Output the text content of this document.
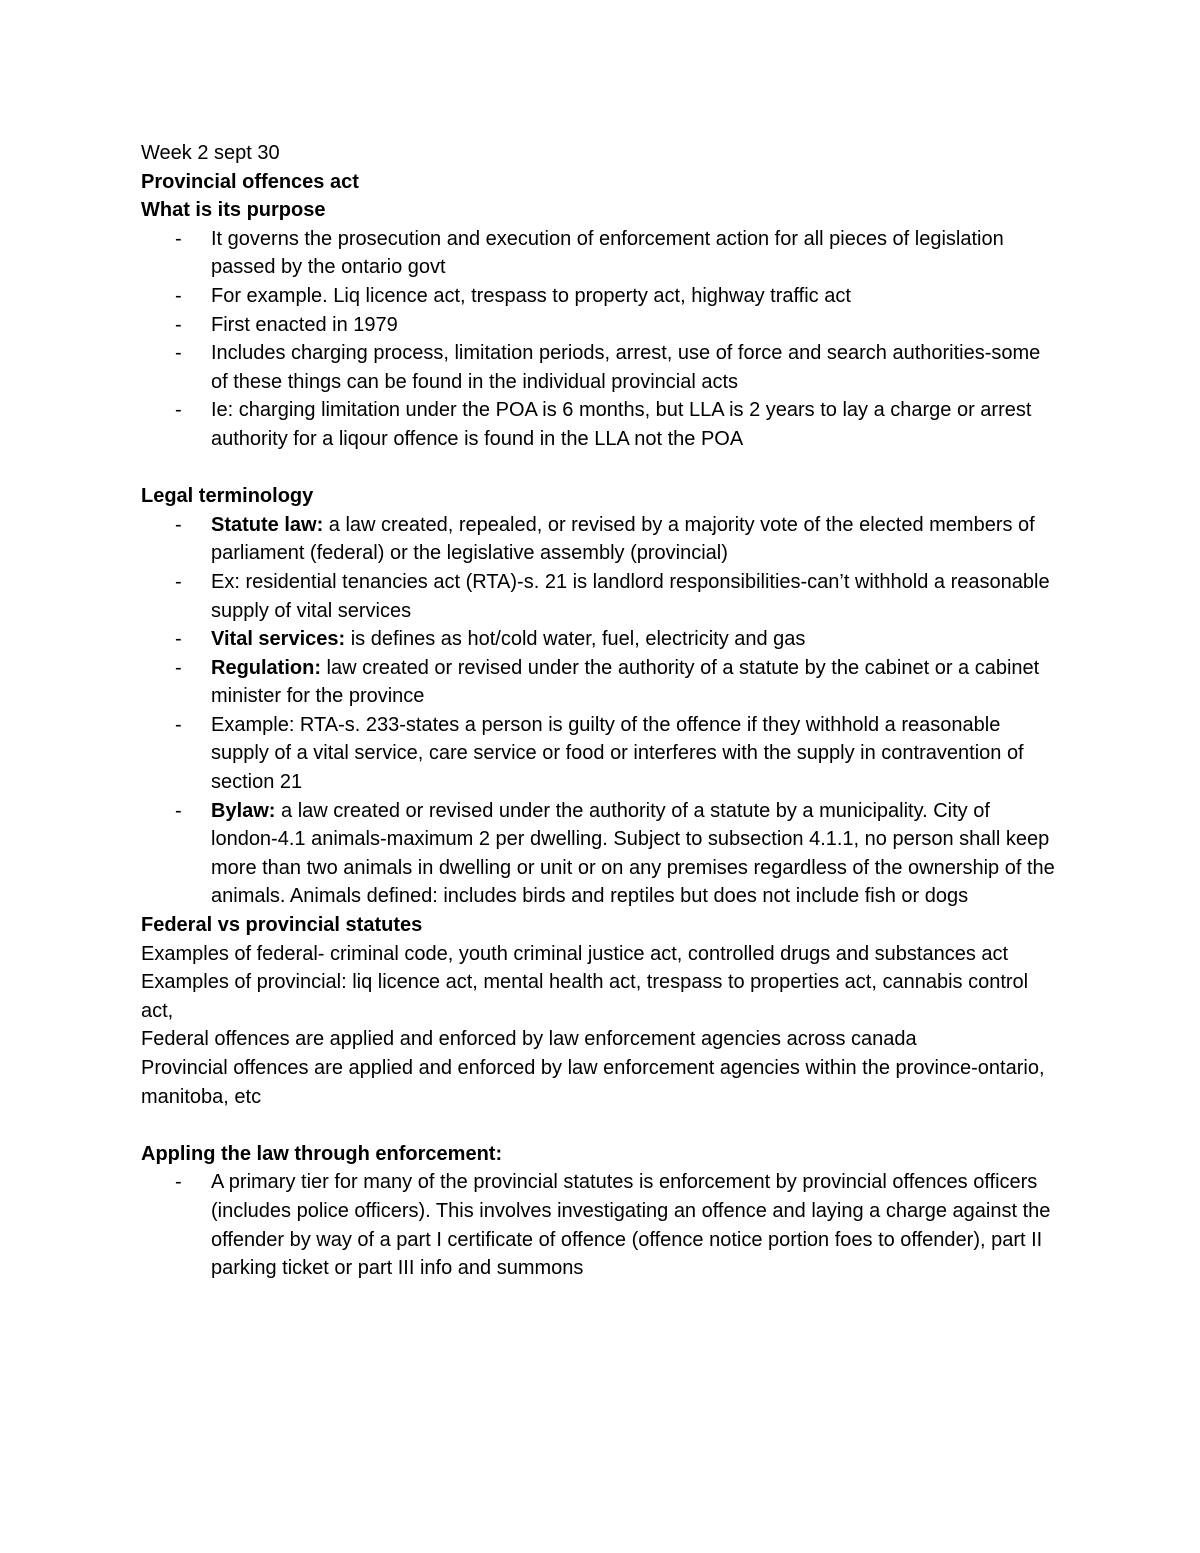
Week 2 sept 30

Provincial offences act

What is its purpose

- It governs the prosecution and execution of enforcement action for all pieces of legislation passed by the ontario govt
- For example. Liq licence act, trespass to property act, highway traffic act
- First enacted in 1979
- Includes charging process, limitation periods, arrest, use of force and search authorities-some of these things can be found in the individual provincial acts
- Ie: charging limitation under the POA is 6 months, but LLA is 2 years to lay a charge or arrest authority for a liqour offence is found in the LLA not the POA

Legal terminology

- Statute law: a law created, repealed, or revised by a majority vote of the elected members of parliament (federal) or the legislative assembly (provincial)
- Ex: residential tenancies act (RTA)-s. 21 is landlord responsibilities-can’t withhold a reasonable supply of vital services
- Vital services: is defines as hot/cold water, fuel, electricity and gas
- Regulation: law created or revised under the authority of a statute by the cabinet or a cabinet minister for the province
- Example: RTA-s. 233-states a person is guilty of the offence if they withhold a reasonable supply of a vital service, care service or food or interferes with the supply in contravention of section 21
- Bylaw: a law created or revised under the authority of a statute by a municipality. City of london-4.1 animals-maximum 2 per dwelling. Subject to subsection 4.1.1, no person shall keep more than two animals in dwelling or unit or on any premises regardless of the ownership of the animals. Animals defined: includes birds and reptiles but does not include fish or dogs

Federal vs provincial statutes

Examples of federal- criminal code, youth criminal justice act, controlled drugs and substances act

Examples of provincial: liq licence act, mental health act, trespass to properties act, cannabis control act,

Federal offences are applied and enforced by law enforcement agencies across canada

Provincial offences are applied and enforced by law enforcement agencies within the province-ontario, manitoba, etc

Appling the law through enforcement:

- A primary tier for many of the provincial statutes is enforcement by provincial offences officers (includes police officers). This involves investigating an offence and laying a charge against the offender by way of a part I certificate of offence (offence notice portion foes to offender), part II parking ticket or part III info and summons
